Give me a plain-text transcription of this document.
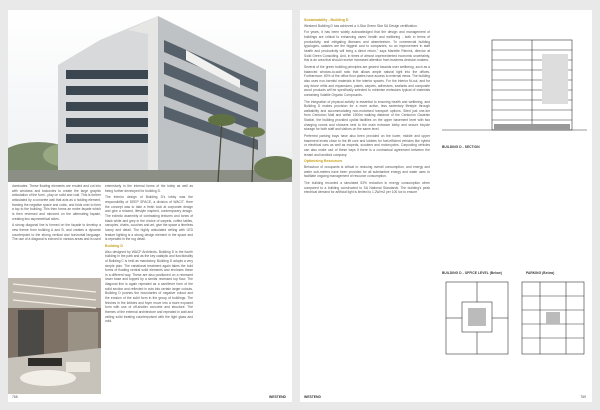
dominates. These floating elements are eroded and cut into with windows and balconies to create the large graphic articulation of the form - play on solid and void. This is further articulated by a concrete wall that acts as a holding element, framing the negative space and cubic, and folds over to form a top to the building. This then forms an entire façade which is then reversed and mirrored on the alternating façade, creating two asymmetrical sides.

A strong diagonal line is formed on the façade to develop a new theme from building A and B, and creates a dynamic counterpoint to the strong vertical and horizontal language. The use of a diagonal is echoed in various areas and is used

extensively in the internal forms of the lobby as well as being further developed for building D.

The interior design of Building D's lobby was the responsibility of DEEP SPACE, a division of WAC/T. Here the concept was to take a fresh look at corporate design and give a relaxed, lifestyle inspired, contemporary design. The eclectic assembly of contrasting textures and tones of black white and grey in the choice of carpets, coffee tables, canopies, chairs, couches and art, give the space a timeless luxury and detail. The highly articulated ceiling with LED feature lighting is a strong design element in the space and is repeated in the rug detail.

Building D

Also designed by WACF Architects, Building D is the fourth building in the park and as the key catalytic and functionality of Building C is held as mandatory. Building D adopts a very simple plan. The variational treatment again takes the bold forms of floating central solid elements and encloses these in a different way. These are also positioned on a recessed lower base and topped by a similar recessed top floor. The diagonal line is again repeated as a cantilever form of the solid section and reflected in cuts into certain larger cutouts. Building D pushes the boundaries of negative cutout and the erosion of the solid form in the group of buildings. The finishes in the lobbies and foyer move into a more exposed form with use of off-shutter concrete and structure. The themes of the external architecture and repeated in wall and ceiling solid treating counterpoised with the light glass and void.

768	WESTEND
Sustainability - Building D

Westend Building D has achieved a 4-Star Green Star SA Design certification.

For years, it has been widely acknowledged that the design and management of buildings are critical to enhancing users' health and wellbeing - both in terms of productivity, and mitigating illnesses and absenteeism. "In commercial building typologies, salaries are the biggest cost to companies, so an improvement in staff health and productivity will bring a direct return," says Mariette Reinink, director at Solid Green Consulting. And, in times of almost unprecedented economic uncertainty, this is an area that should receive increased attention from business decision makers.

Several of the green building principles are geared towards user wellbeing, such as a balanced window-to-wall ratio that allows ample natural light into the offices. Furthermore, 60% of the office floor plates have access to external views. The building also uses non-harmful materials in the interior spaces. For the interior fit-out, and for any future refits and expansions, paints, carpets, adhesives, sealants and composite wood products will be specifically selected to minimise emissions typical of materials containing Volatile Organic Compounds.

The integration of physical activity is essential to ensuring health and wellbeing, and Building D makes provision for a more active, less sedentary lifestyle through walkability and accommodating non-motorised transport options. Sited just one-km from Centurion Mall and within 1500m walking distance of the Centurion Gautrain Station, the building provided cyclist facilities on the upper basement level with two charging rooms and showers next to the main entrance lobby and secure bicycle storage for both staff and visitors on the same level.

Preferred parking bays have also been provided on the lower, middle and upper basement levels close to the lift core and lobbies for fuel-efficient vehicles like hybrid or electrical cars as well as mopeds, scooters and motorcycles. Carpooling vehicles can also make use of these bays if there is a contractual agreement between the tenant and landlord company.

Optimising Resources

Behaviour of occupants is critical to reducing overall consumption, and energy and water sub-meters have been provided for all substantive energy and water uses to facilitate ongoing management of resource consumption.

The building recorded a simulated 53% reduction in energy consumption when compared to a building constructed to SA National Standards. The building's peak electrical demand for artificial light is limited to 1.2W/m2 per 100 lux to ensure

BUILDING D - SECTION
BUILDING D - OFFICE LEVEL (Below)	PARKING (Below)
WESTEND	769
